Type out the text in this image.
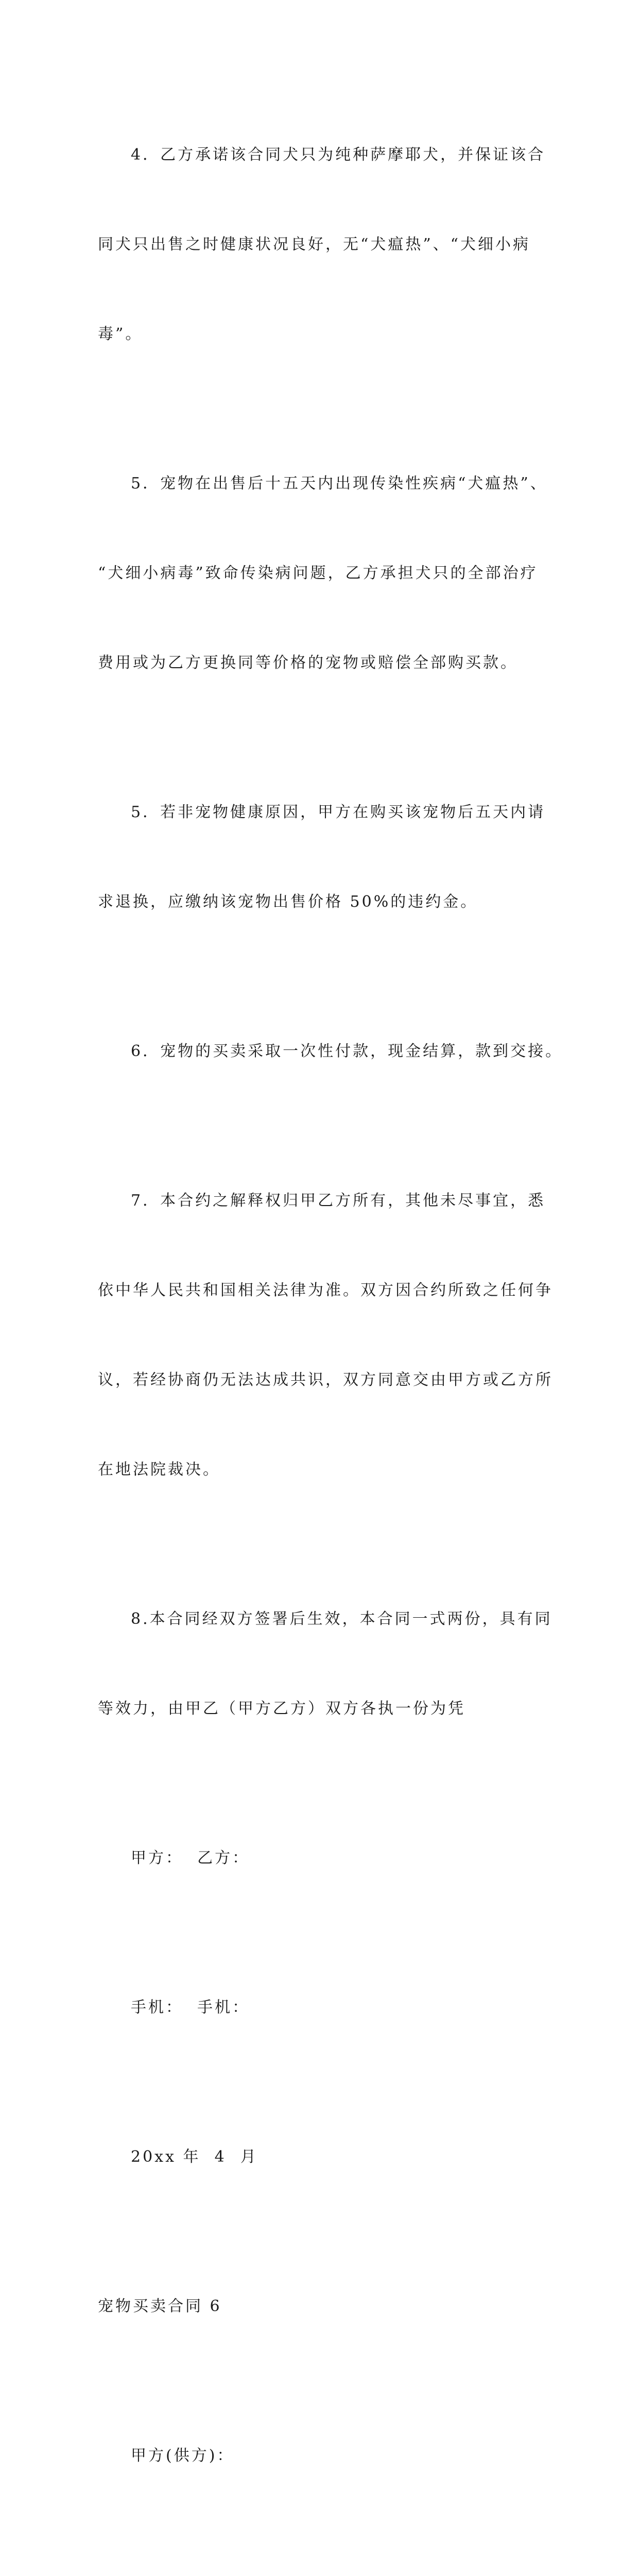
4．乙方承诺该合同犬只为纯种萨摩耶犬，并保证该合

同犬只出售之时健康状况良好，无“犬瘟热”、“犬细小病

毒”。

5．宠物在出售后十五天内出现传染性疾病“犬瘟热”、

“犬细小病毒”致命传染病问题，乙方承担犬只的全部治疗

费用或为乙方更换同等价格的宠物或赔偿全部购买款。

5．若非宠物健康原因，甲方在购买该宠物后五天内请

求退换，应缴纳该宠物出售价格 50%的违约金。

6．宠物的买卖采取一次性付款，现金结算，款到交接。

7．本合约之解释权归甲乙方所有，其他未尽事宜，悉

依中华人民共和国相关法律为准。双方因合约所致之任何争

议，若经协商仍无法达成共识，双方同意交由甲方或乙方所

在地法院裁决。

8.本合同经双方签署后生效，本合同一式两份，具有同

等效力，由甲乙（甲方乙方）双方各执一份为凭

甲方：  乙方：

手机：  手机：

20xx 年  4  月

宠物买卖合同 6

甲方(供方)：
